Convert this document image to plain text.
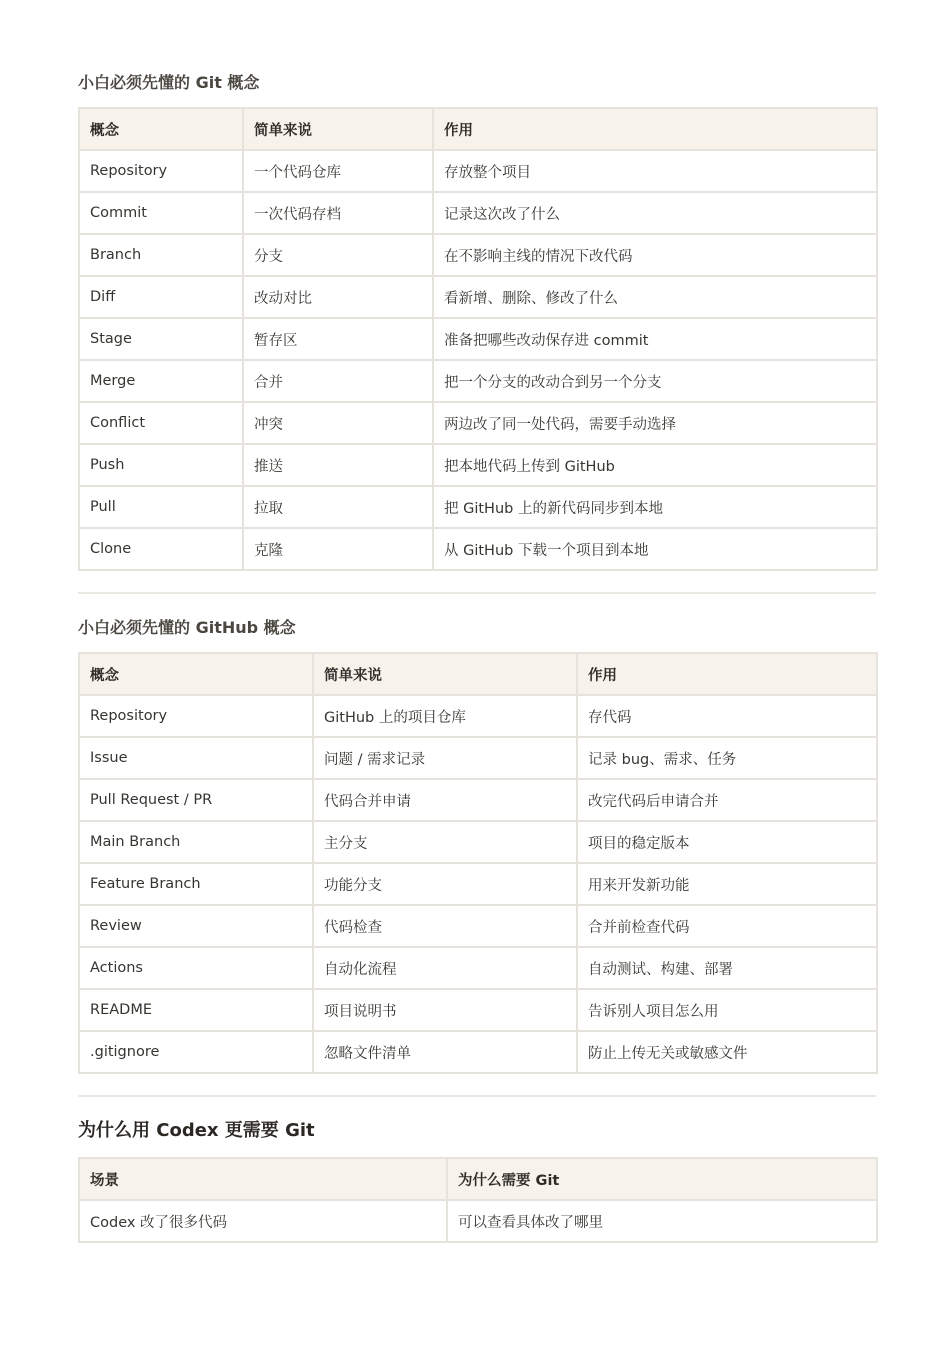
小白必须先懂的 Git 概念
概念	简单来说	作用
Repository	一个代码仓库	存放整个项目
Commit	一次代码存档	记录这次改了什么
Branch	分支	在不影响主线的情况下改代码
Diff	改动对比	看新增、删除、修改了什么
Stage	暂存区	准备把哪些改动保存进 commit
Merge	合并	把一个分支的改动合到另一个分支
Conflict	冲突	两边改了同一处代码，需要手动选择
Push	推送	把本地代码上传到 GitHub
Pull	拉取	把 GitHub 上的新代码同步到本地
Clone	克隆	从 GitHub 下载一个项目到本地
小白必须先懂的 GitHub 概念
概念	简单来说	作用
Repository	GitHub 上的项目仓库	存代码
Issue	问题 / 需求记录	记录 bug、需求、任务
Pull Request / PR	代码合并申请	改完代码后申请合并
Main Branch	主分支	项目的稳定版本
Feature Branch	功能分支	用来开发新功能
Review	代码检查	合并前检查代码
Actions	自动化流程	自动测试、构建、部署
README	项目说明书	告诉别人项目怎么用
.gitignore	忽略文件清单	防止上传无关或敏感文件
为什么用 Codex 更需要 Git
场景	为什么需要 Git
Codex 改了很多代码	可以查看具体改了哪里
